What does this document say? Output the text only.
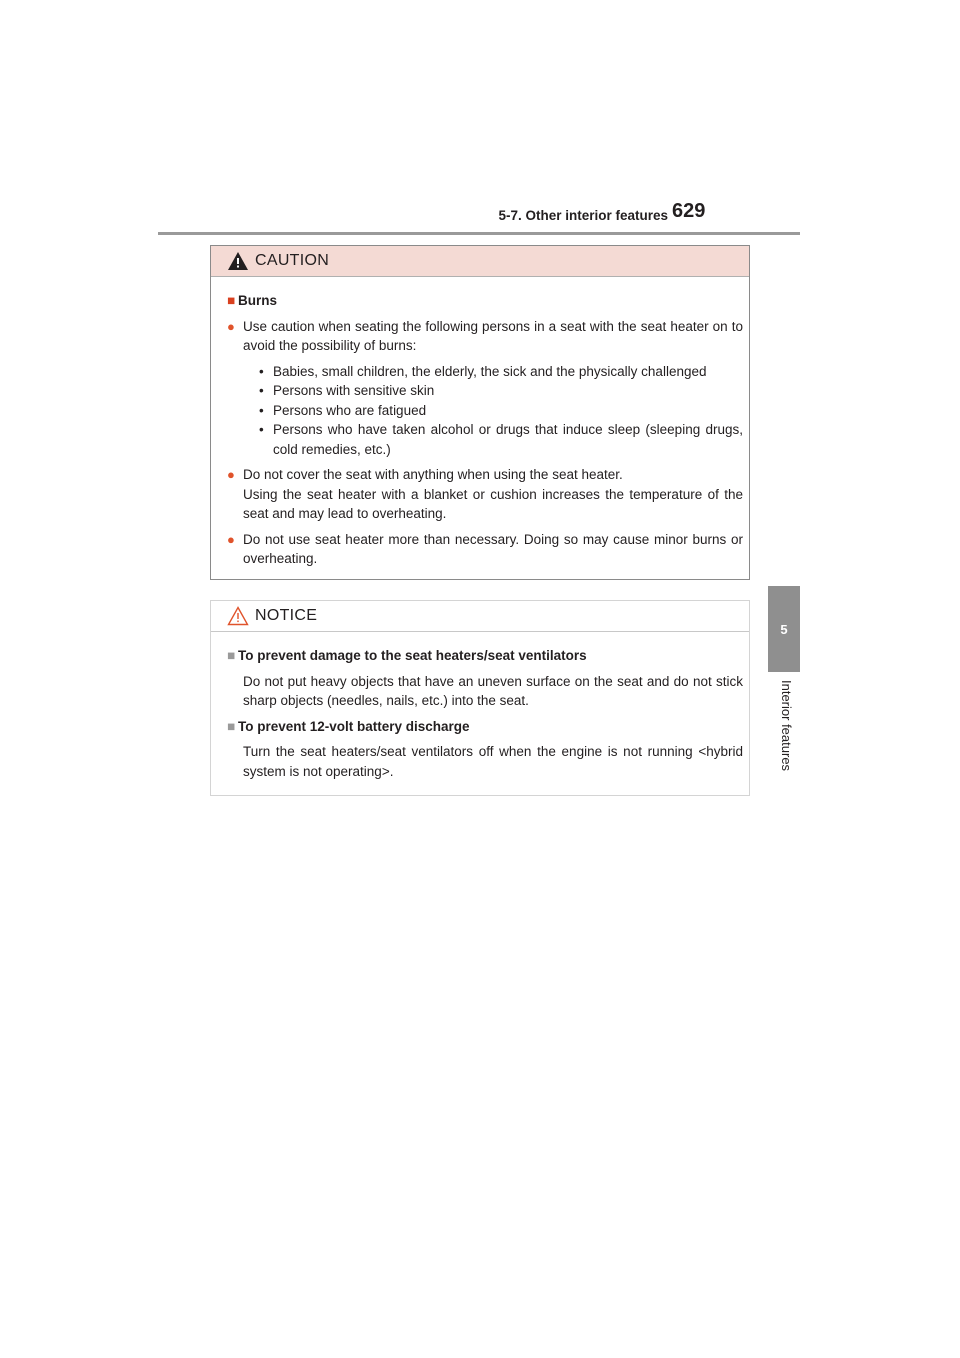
5-7. Other interior features 629
5
Interior features
CAUTION
■ Burns
● Use caution when seating the following persons in a seat with the seat heater on to avoid the possibility of burns:
• Babies, small children, the elderly, the sick and the physically challenged
• Persons with sensitive skin
• Persons who are fatigued
• Persons who have taken alcohol or drugs that induce sleep (sleeping drugs, cold remedies, etc.)
● Do not cover the seat with anything when using the seat heater.
Using the seat heater with a blanket or cushion increases the temperature of the seat and may lead to overheating.
● Do not use seat heater more than necessary. Doing so may cause minor burns or overheating.
NOTICE
■ To prevent damage to the seat heaters/seat ventilators
Do not put heavy objects that have an uneven surface on the seat and do not stick sharp objects (needles, nails, etc.) into the seat.
■ To prevent 12-volt battery discharge
Turn the seat heaters/seat ventilators off when the engine is not running <hybrid system is not operating>.
